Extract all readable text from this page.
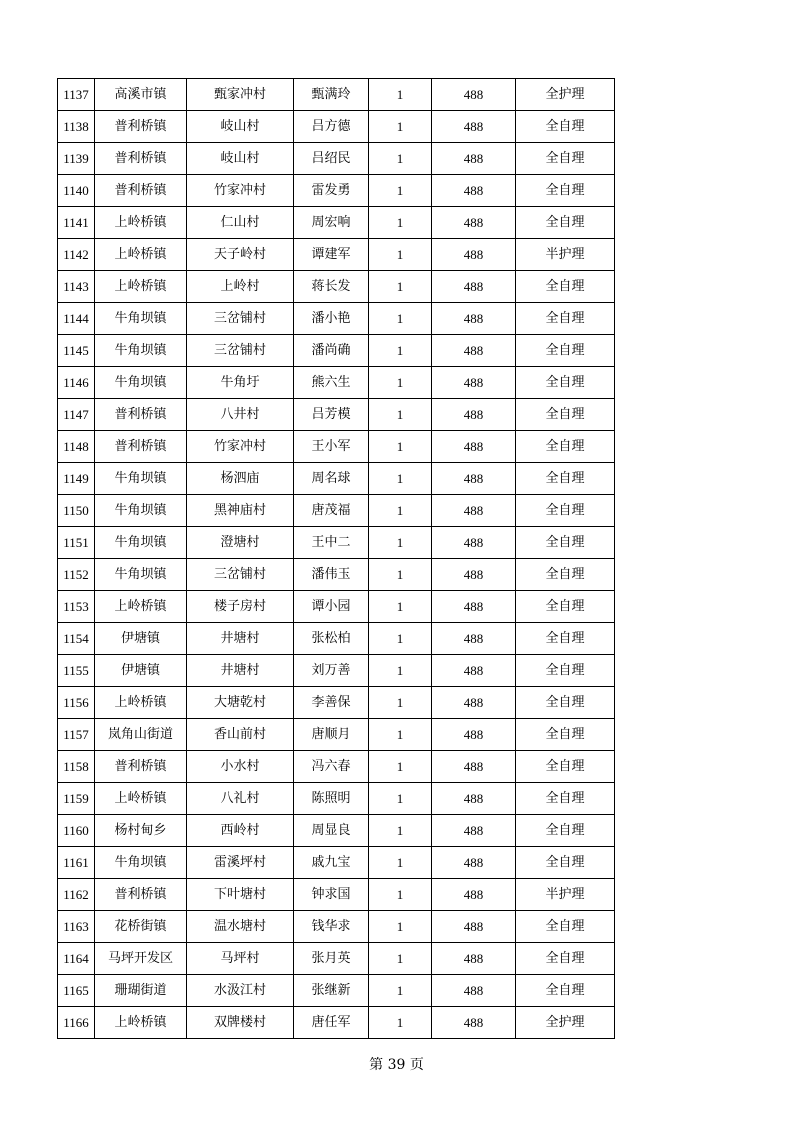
1137	高溪市镇	甄家冲村	甄满玲	1	488	全护理
1138	普利桥镇	岐山村	吕方德	1	488	全自理
1139	普利桥镇	岐山村	吕绍民	1	488	全自理
1140	普利桥镇	竹家冲村	雷发勇	1	488	全自理
1141	上岭桥镇	仁山村	周宏响	1	488	全自理
1142	上岭桥镇	天子岭村	谭建军	1	488	半护理
1143	上岭桥镇	上岭村	蒋长发	1	488	全自理
1144	牛角坝镇	三岔铺村	潘小艳	1	488	全自理
1145	牛角坝镇	三岔铺村	潘尚确	1	488	全自理
1146	牛角坝镇	牛角圩	熊六生	1	488	全自理
1147	普利桥镇	八井村	吕芳模	1	488	全自理
1148	普利桥镇	竹家冲村	王小军	1	488	全自理
1149	牛角坝镇	杨泗庙	周名球	1	488	全自理
1150	牛角坝镇	黑神庙村	唐茂福	1	488	全自理
1151	牛角坝镇	澄塘村	王中二	1	488	全自理
1152	牛角坝镇	三岔铺村	潘伟玉	1	488	全自理
1153	上岭桥镇	楼子房村	谭小园	1	488	全自理
1154	伊塘镇	井塘村	张松柏	1	488	全自理
1155	伊塘镇	井塘村	刘万善	1	488	全自理
1156	上岭桥镇	大塘乾村	李善保	1	488	全自理
1157	岚角山街道	香山前村	唐顺月	1	488	全自理
1158	普利桥镇	小水村	冯六春	1	488	全自理
1159	上岭桥镇	八礼村	陈照明	1	488	全自理
1160	杨村甸乡	西岭村	周显良	1	488	全自理
1161	牛角坝镇	雷溪坪村	戚九宝	1	488	全自理
1162	普利桥镇	下叶塘村	钟求国	1	488	半护理
1163	花桥街镇	温水塘村	钱华求	1	488	全自理
1164	马坪开发区	马坪村	张月英	1	488	全自理
1165	珊瑚街道	水汲江村	张继新	1	488	全自理
1166	上岭桥镇	双牌楼村	唐任军	1	488	全护理
第 39 页
